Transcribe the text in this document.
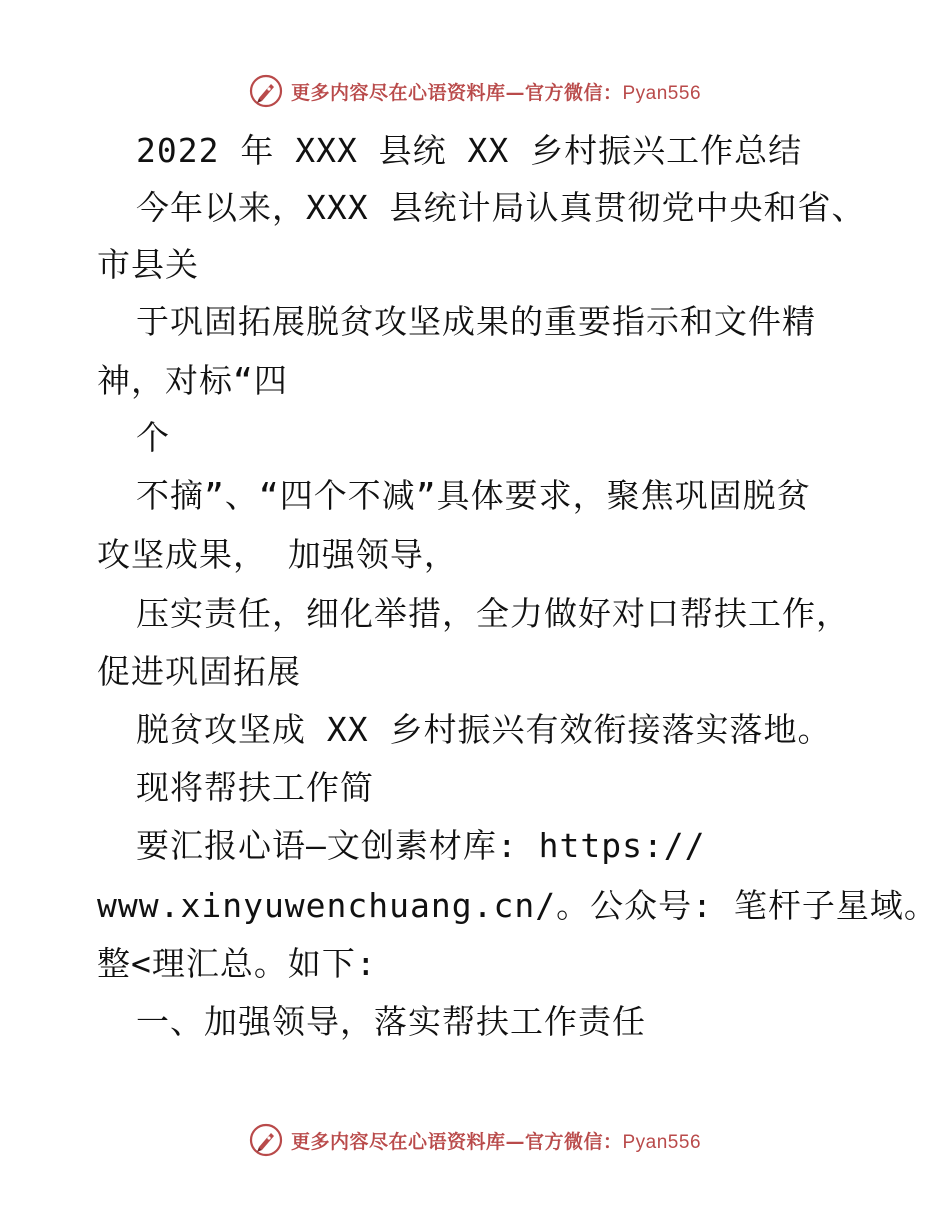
更多内容尽在心语资料库—官方微信：Pyan556
2022 年 XXX 县统 XX 乡村振兴工作总结
今年以来，XXX 县统计局认真贯彻党中央和省、
市县关
于巩固拓展脱贫攻坚成果的重要指示和文件精
神，对标“四
个
不摘”、“四个不减”具体要求，聚焦巩固脱贫
攻坚成果， 加强领导，
压实责任，细化举措，全力做好对口帮扶工作，
促进巩固拓展
脱贫攻坚成 XX 乡村振兴有效衔接落实落地。
现将帮扶工作简
要汇报心语—文创素材库: https://
www.xinyuwenchuang.cn/。公众号: 笔杆子星域。
整<理汇总。如下:
一、加强领导，落实帮扶工作责任
更多内容尽在心语资料库—官方微信：Pyan556
